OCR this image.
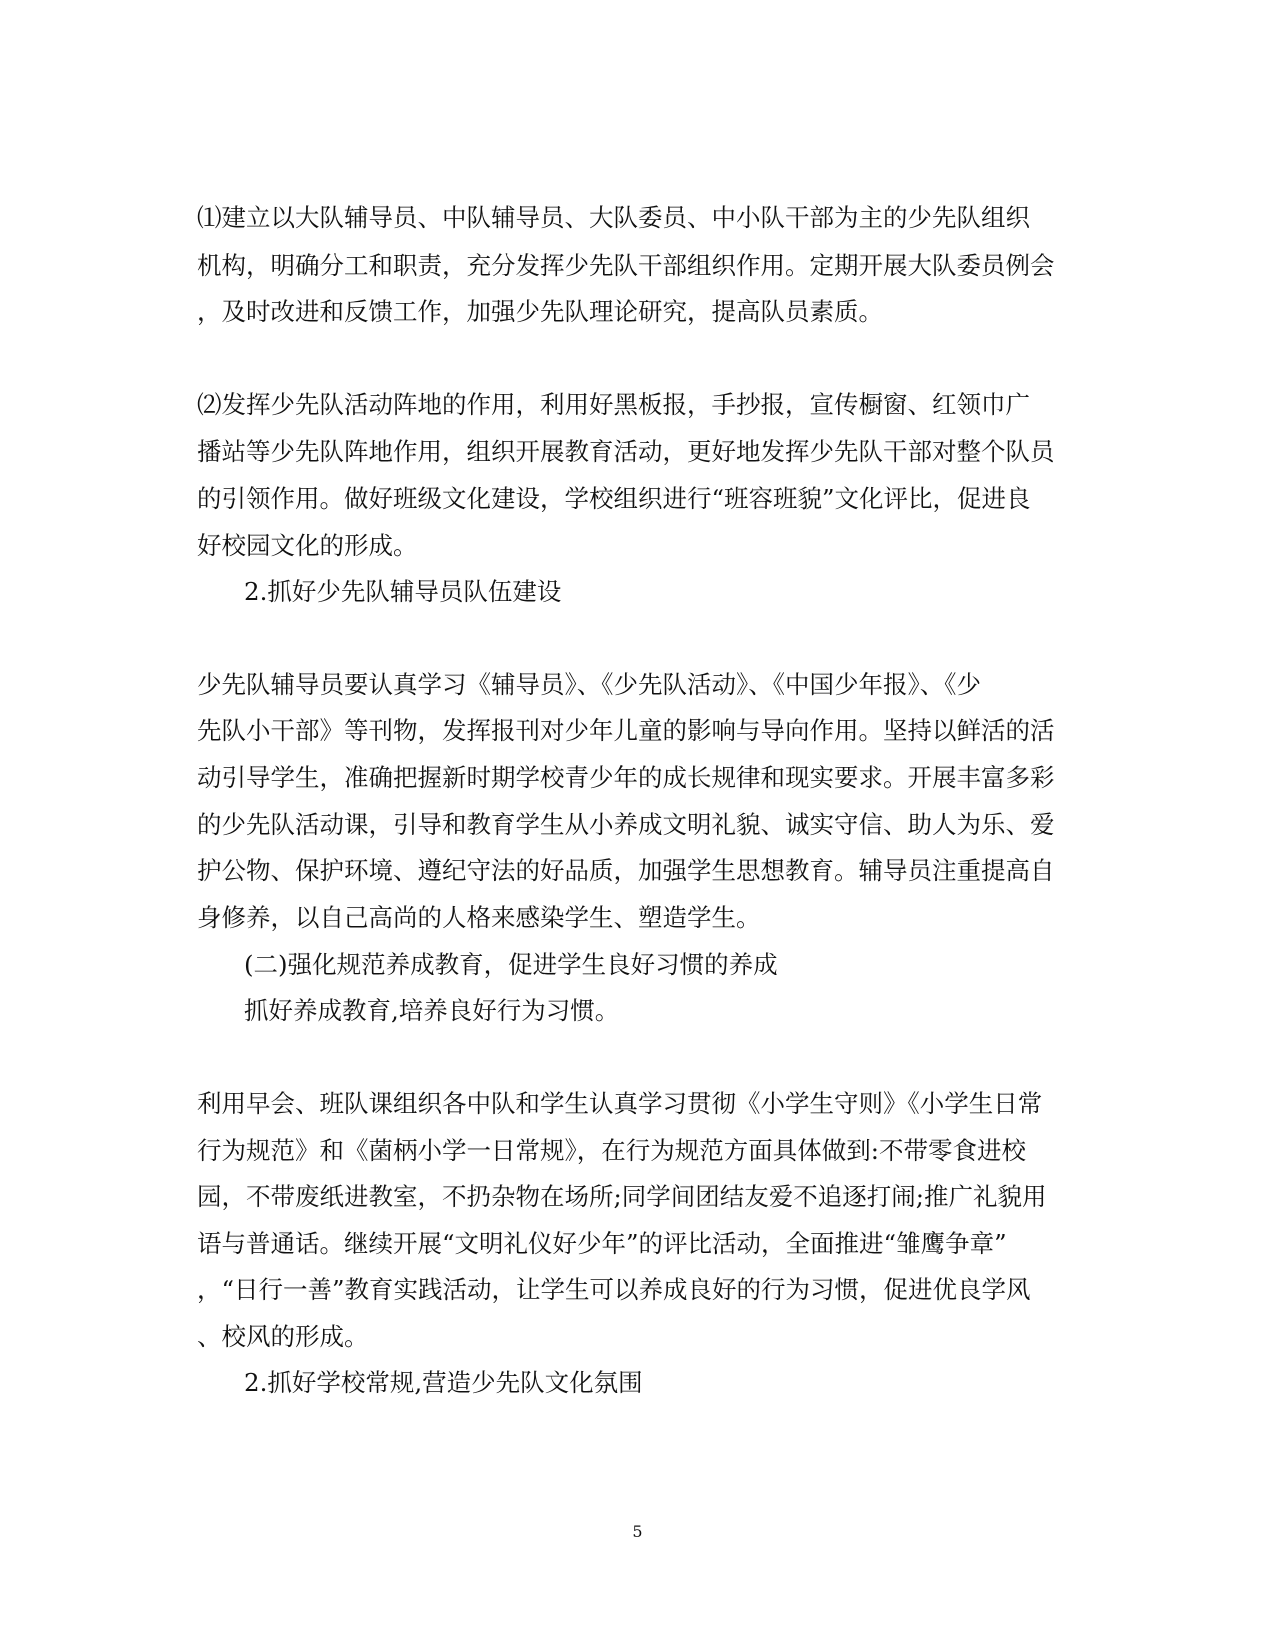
⑴建立以大队辅导员、中队辅导员、大队委员、中小队干部为主的少先队组织
机构，明确分工和职责，充分发挥少先队干部组织作用。定期开展大队委员例会
，及时改进和反馈工作，加强少先队理论研究，提高队员素质。
⑵发挥少先队活动阵地的作用，利用好黑板报，手抄报，宣传橱窗、红领巾广
播站等少先队阵地作用，组织开展教育活动，更好地发挥少先队干部对整个队员
的引领作用。做好班级文化建设，学校组织进行“班容班貌”文化评比，促进良
好校园文化的形成。
2.抓好少先队辅导员队伍建设
少先队辅导员要认真学习《辅导员》、《少先队活动》、《中国少年报》、《少
先队小干部》等刊物，发挥报刊对少年儿童的影响与导向作用。坚持以鲜活的活
动引导学生，准确把握新时期学校青少年的成长规律和现实要求。开展丰富多彩
的少先队活动课，引导和教育学生从小养成文明礼貌、诚实守信、助人为乐、爱
护公物、保护环境、遵纪守法的好品质，加强学生思想教育。辅导员注重提高自
身修养，以自己高尚的人格来感染学生、塑造学生。
(二)强化规范养成教育，促进学生良好习惯的养成
抓好养成教育,培养良好行为习惯。
利用早会、班队课组织各中队和学生认真学习贯彻《小学生守则》《小学生日常
行为规范》和《菌柄小学一日常规》，在行为规范方面具体做到:不带零食进校
园，不带废纸进教室，不扔杂物在场所;同学间团结友爱不追逐打闹;推广礼貌用
语与普通话。继续开展“文明礼仪好少年”的评比活动，全面推进“雏鹰争章”
，“日行一善”教育实践活动，让学生可以养成良好的行为习惯，促进优良学风
、校风的形成。
2.抓好学校常规,营造少先队文化氛围
5
